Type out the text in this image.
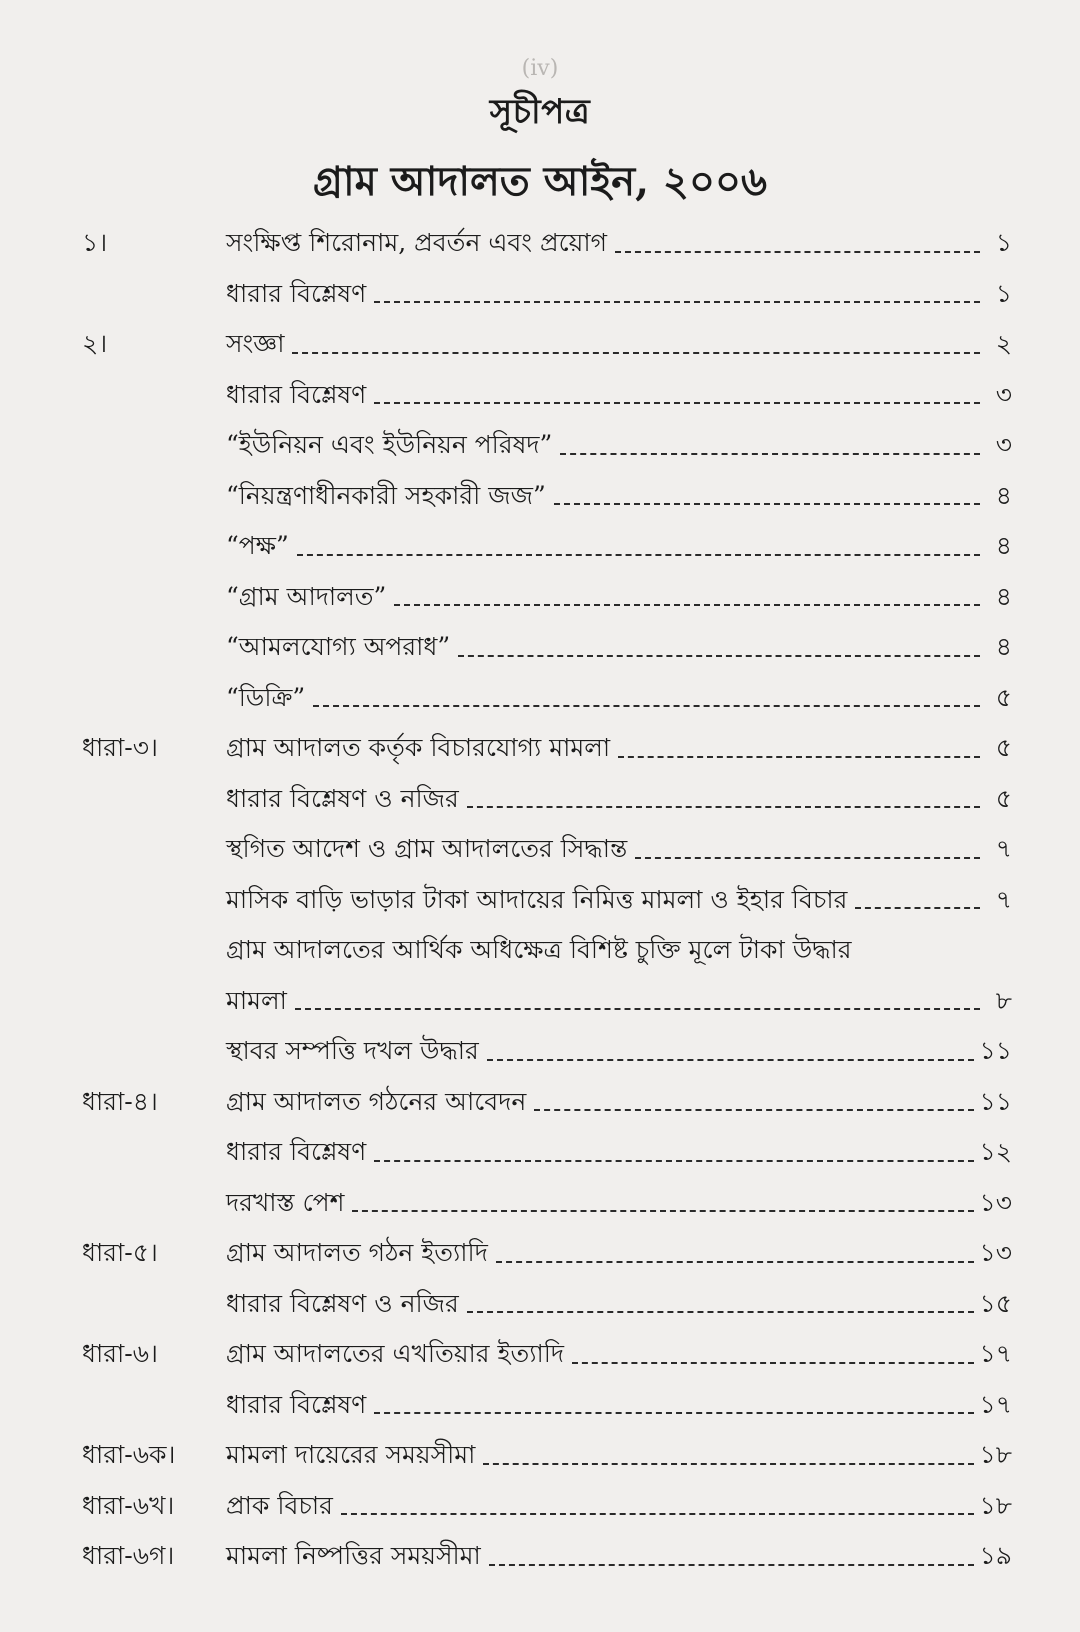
(iv)
সূচীপত্র
গ্রাম আদালত আইন, ২০০৬
১।	সংক্ষিপ্ত শিরোনাম, প্রবর্তন এবং প্রয়োগ	১
ধারার বিশ্লেষণ	১
২।	সংজ্ঞা	২
ধারার বিশ্লেষণ	৩
“ইউনিয়ন এবং ইউনিয়ন পরিষদ”	৩
“নিয়ন্ত্রণাধীনকারী সহকারী জজ”	৪
“পক্ষ”	৪
“গ্রাম আদালত”	৪
“আমলযোগ্য অপরাধ”	৪
“ডিক্রি”	৫
ধারা-৩।	গ্রাম আদালত কর্তৃক বিচারযোগ্য মামলা	৫
ধারার বিশ্লেষণ ও নজির	৫
স্থগিত আদেশ ও গ্রাম আদালতের সিদ্ধান্ত	৭
মাসিক বাড়ি ভাড়ার টাকা আদায়ের নিমিত্ত মামলা ও ইহার বিচার	৭
গ্রাম আদালতের আর্থিক অধিক্ষেত্র বিশিষ্ট চুক্তি মূলে টাকা উদ্ধার
মামলা	৮
স্থাবর সম্পত্তি দখল উদ্ধার	১১
ধারা-৪।	গ্রাম আদালত গঠনের আবেদন	১১
ধারার বিশ্লেষণ	১২
দরখাস্ত পেশ	১৩
ধারা-৫।	গ্রাম আদালত গঠন ইত্যাদি	১৩
ধারার বিশ্লেষণ ও নজির	১৫
ধারা-৬।	গ্রাম আদালতের এখতিয়ার ইত্যাদি	১৭
ধারার বিশ্লেষণ	১৭
ধারা-৬ক।	মামলা দায়েরের সময়সীমা	১৮
ধারা-৬খ।	প্রাক বিচার	১৮
ধারা-৬গ।	মামলা নিষ্পত্তির সময়সীমা	১৯
